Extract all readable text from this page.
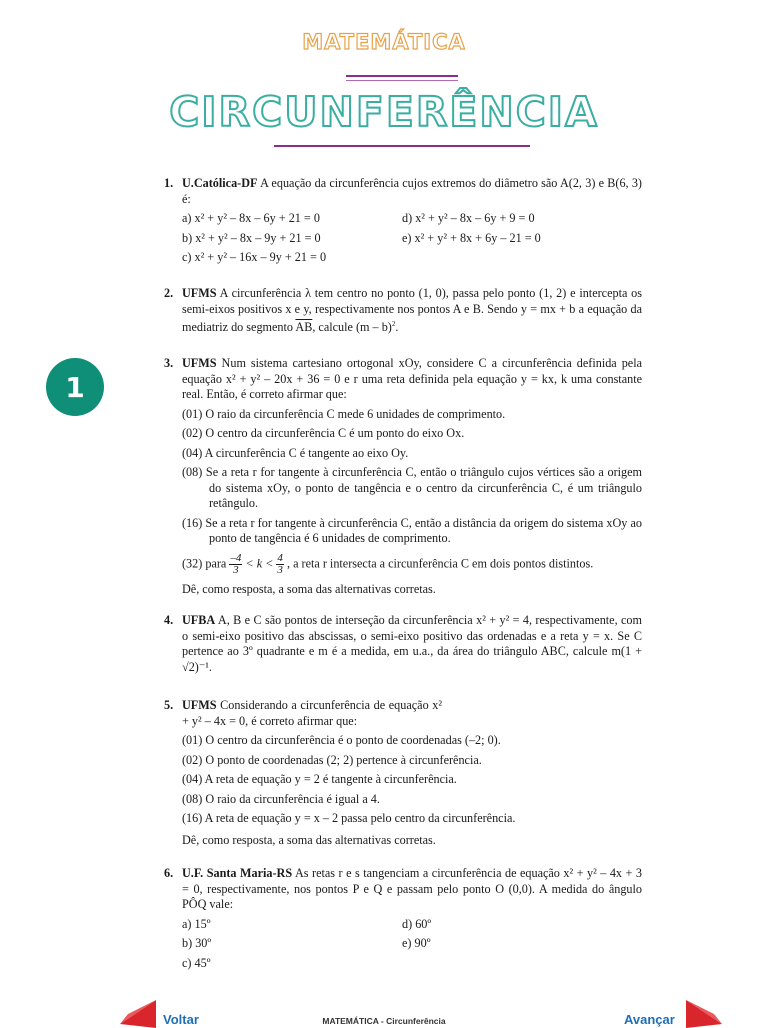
MATEMÁTICA
CIRCUNFERÊNCIA
1
1. U.Católica-DF A equação da circunferência cujos extremos do diâmetro são A(2, 3) e B(6, 3) é:
a) x² + y² – 8x – 6y + 21 = 0	d) x² + y² – 8x – 6y + 9 = 0
b) x² + y² – 8x – 9y + 21 = 0	e) x² + y² + 8x + 6y – 21 = 0
c) x² + y² – 16x – 9y + 21 = 0
2. UFMS A circunferência λ tem centro no ponto (1, 0), passa pelo ponto (1, 2) e intercepta os semi-eixos positivos x e y, respectivamente nos pontos A e B. Sendo y = mx + b a equação da mediatriz do segmento $\overline{AB}$, calcule (m – b)$^2$.
3. UFMS Num sistema cartesiano ortogonal xOy, considere C a circunferência definida pela equação x² + y² – 20x + 36 = 0 e r uma reta definida pela equação y = kx, k uma constante real. Então, é correto afirmar que:
(01) O raio da circunferência C mede 6 unidades de comprimento.
(02) O centro da circunferência C é um ponto do eixo Ox.
(04) A circunferência C é tangente ao eixo Oy.
(08) Se a reta r for tangente à circunferência C, então o triângulo cujos vértices são a origem do sistema xOy, o ponto de tangência e o centro da circunferência C, é um triângulo retângulo.
(16) Se a reta r for tangente à circunferência C, então a distância da origem do sistema xOy ao ponto de tangência é 6 unidades de comprimento.
(32) para $\frac{-4}{3} < k < \frac{4}{3}$ , a reta r intersecta a circunferência C em dois pontos distintos.
Dê, como resposta, a soma das alternativas corretas.
4. UFBA A, B e C são pontos de interseção da circunferência x² + y² = 4, respectivamente, com o semi-eixo positivo das abscissas, o semi-eixo positivo das ordenadas e a reta y = x. Se C pertence ao 3º quadrante e m é a medida, em u.a., da área do triângulo ABC, calcule m(1 + √2)⁻¹.
5. UFMS Considerando a circunferência de equação x² + y² – 4x = 0, é correto afirmar que:
(01) O centro da circunferência é o ponto de coordenadas (–2; 0).
(02) O ponto de coordenadas (2; 2) pertence à circunferência.
(04) A reta de equação y = 2 é tangente à circunferência.
(08) O raio da circunferência é igual a 4.
(16) A reta de equação y = x – 2 passa pelo centro da circunferência.
Dê, como resposta, a soma das alternativas corretas.
6. U.F. Santa Maria-RS As retas r e s tangenciam a circunferência de equação x² + y² – 4x + 3 = 0, respectivamente, nos pontos P e Q e passam pelo ponto O (0,0). A medida do ângulo PÔQ vale:
a) 15º	d) 60º
b) 30º	e) 90º
c) 45º
Voltar	Avançar
MATEMÁTICA - Circunferência
